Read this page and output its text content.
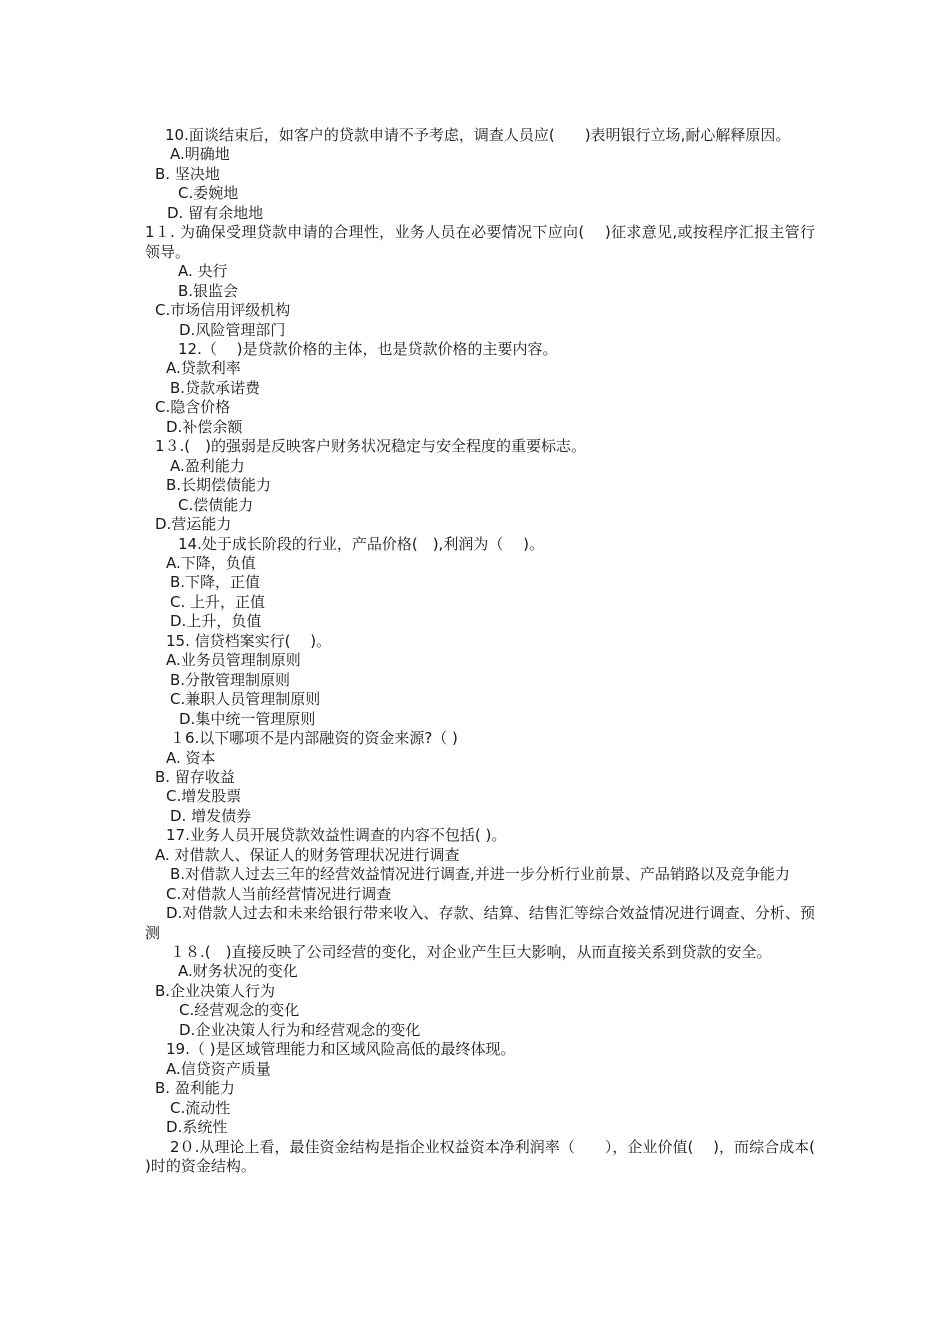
10.面谈结束后，如客户的贷款申请不予考虑，调查人员应(　　)表明银行立场,耐心解释原因。
A.明确地
B. 坚决地
C.委婉地
D. 留有余地地
1１. 为确保受理贷款申请的合理性，业务人员在必要情况下应向(　 )征求意见,或按程序汇报主管行领导。
A. 央行
B.银监会
C.市场信用评级机构
D.风险管理部门
12.（　 )是贷款价格的主体，也是贷款价格的主要内容。
A.贷款利率
B.贷款承诺费
C.隐含价格
D.补偿余额
1３.(　)的强弱是反映客户财务状况稳定与安全程度的重要标志。
A.盈利能力
B.长期偿债能力
C.偿债能力
D.营运能力
14.处于成长阶段的行业，产品价格(　),利润为（　 )。
A.下降，负值
B.下降，正值
C. 上升，正值
D.上升，负值
15. 信贷档案实行(　 )。
A.业务员管理制原则
B.分散管理制原则
C.兼职人员管理制原则
D.集中统一管理原则
１6.以下哪项不是内部融资的资金来源?（ )
A. 资本
B. 留存收益
C.增发股票
D. 增发债券
17.业务人员开展贷款效益性调查的内容不包括( )。
A. 对借款人、保证人的财务管理状况进行调查
B.对借款人过去三年的经营效益情况进行调查,并进一步分析行业前景、产品销路以及竞争能力
C.对借款人当前经营情况进行调查
D.对借款人过去和未来给银行带来收入、存款、结算、结售汇等综合效益情况进行调查、分析、预测
１８.(　)直接反映了公司经营的变化，对企业产生巨大影响，从而直接关系到贷款的安全。
A.财务状况的变化
B.企业决策人行为
C.经营观念的变化
D.企业决策人行为和经营观念的变化
19.（ )是区域管理能力和区域风险高低的最终体现。
A.信贷资产质量
B. 盈利能力
C.流动性
D.系统性
2０.从理论上看，最佳资金结构是指企业权益资本净利润率（　　），企业价值(　 )，而综合成本(　 )时的资金结构。
